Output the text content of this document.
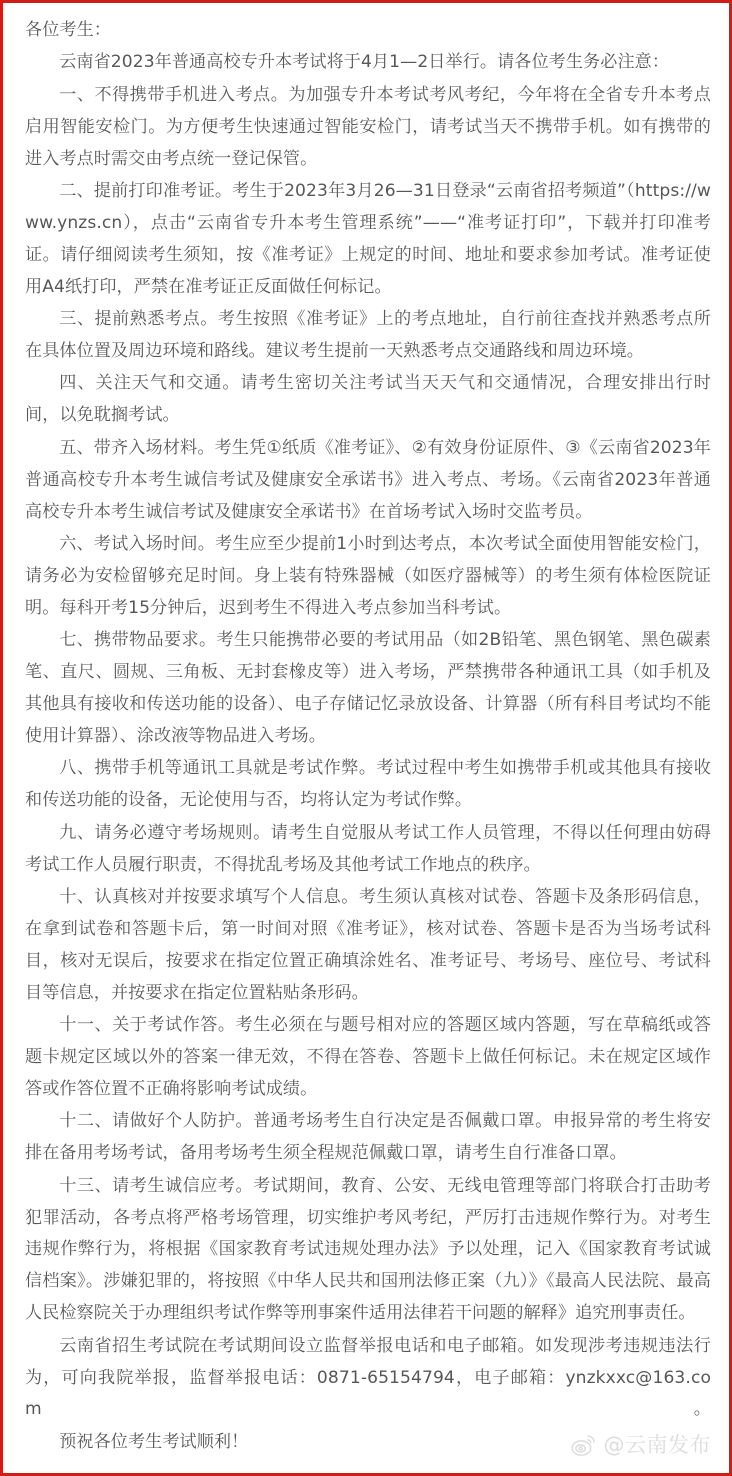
各位考生：

云南省2023年普通高校专升本考试将于4月1—2日举行。请各位考生务必注意：

一、不得携带手机进入考点。为加强专升本考试考风考纪，今年将在全省专升本考点启用智能安检门。为方便考生快速通过智能安检门，请考试当天不携带手机。如有携带的进入考点时需交由考点统一登记保管。

二、提前打印准考证。考生于2023年3月26—31日登录“云南省招考频道”（https://www.ynzs.cn），点击“云南省专升本考生管理系统”——“准考证打印”，下载并打印准考证。请仔细阅读考生须知，按《准考证》上规定的时间、地址和要求参加考试。准考证使用A4纸打印，严禁在准考证正反面做任何标记。

三、提前熟悉考点。考生按照《准考证》上的考点地址，自行前往查找并熟悉考点所在具体位置及周边环境和路线。建议考生提前一天熟悉考点交通路线和周边环境。

四、关注天气和交通。请考生密切关注考试当天天气和交通情况，合理安排出行时间，以免耽搁考试。

五、带齐入场材料。考生凭①纸质《准考证》、②有效身份证原件、③《云南省2023年普通高校专升本考生诚信考试及健康安全承诺书》进入考点、考场。《云南省2023年普通高校专升本考生诚信考试及健康安全承诺书》在首场考试入场时交监考员。

六、考试入场时间。考生应至少提前1小时到达考点，本次考试全面使用智能安检门，请务必为安检留够充足时间。身上装有特殊器械（如医疗器械等）的考生须有体检医院证明。每科开考15分钟后，迟到考生不得进入考点参加当科考试。

七、携带物品要求。考生只能携带必要的考试用品（如2B铅笔、黑色钢笔、黑色碳素笔、直尺、圆规、三角板、无封套橡皮等）进入考场，严禁携带各种通讯工具（如手机及其他具有接收和传送功能的设备）、电子存储记忆录放设备、计算器（所有科目考试均不能使用计算器）、涂改液等物品进入考场。

八、携带手机等通讯工具就是考试作弊。考试过程中考生如携带手机或其他具有接收和传送功能的设备，无论使用与否，均将认定为考试作弊。

九、请务必遵守考场规则。请考生自觉服从考试工作人员管理，不得以任何理由妨碍考试工作人员履行职责，不得扰乱考场及其他考试工作地点的秩序。

十、认真核对并按要求填写个人信息。考生须认真核对试卷、答题卡及条形码信息，在拿到试卷和答题卡后，第一时间对照《准考证》，核对试卷、答题卡是否为当场考试科目，核对无误后，按要求在指定位置正确填涂姓名、准考证号、考场号、座位号、考试科目等信息，并按要求在指定位置粘贴条形码。

十一、关于考试作答。考生必须在与题号相对应的答题区域内答题，写在草稿纸或答题卡规定区域以外的答案一律无效，不得在答卷、答题卡上做任何标记。未在规定区域作答或作答位置不正确将影响考试成绩。

十二、请做好个人防护。普通考场考生自行决定是否佩戴口罩。申报异常的考生将安排在备用考场考试，备用考场考生须全程规范佩戴口罩，请考生自行准备口罩。

十三、请考生诚信应考。考试期间，教育、公安、无线电管理等部门将联合打击助考犯罪活动，各考点将严格考场管理，切实维护考风考纪，严厉打击违规作弊行为。对考生违规作弊行为，将根据《国家教育考试违规处理办法》予以处理，记入《国家教育考试诚信档案》。涉嫌犯罪的，将按照《中华人民共和国刑法修正案（九）》《最高人民法院、最高人民检察院关于办理组织考试作弊等刑事案件适用法律若干问题的解释》追究刑事责任。

云南省招生考试院在考试期间设立监督举报电话和电子邮箱。如发现涉考违规违法行为，可向我院举报，监督举报电话：0871-65154794，电子邮箱：ynzkxxc@163.com。

预祝各位考生考试顺利！	@云南发布
